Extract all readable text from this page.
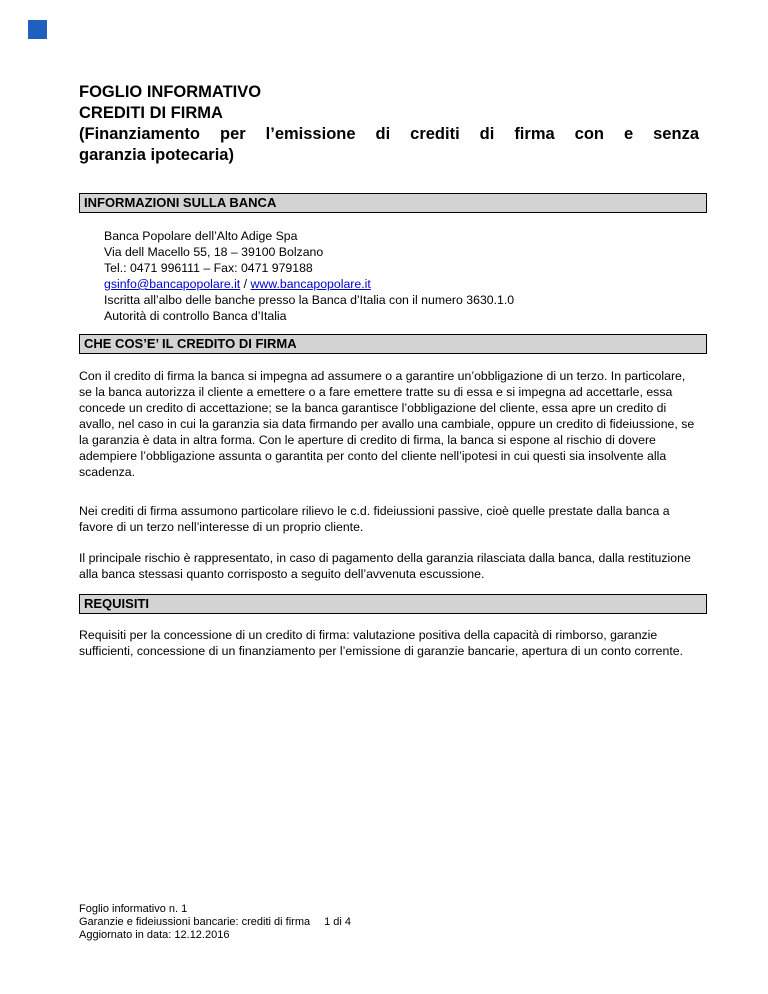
FOGLIO INFORMATIVO
CREDITI DI FIRMA
(Finanziamento per l’emissione di crediti di firma con e senza
garanzia ipotecaria)
INFORMAZIONI SULLA BANCA
Banca Popolare dell’Alto Adige Spa
Via dell Macello 55, 18 – 39100 Bolzano
Tel.: 0471 996111 – Fax: 0471 979188
gsinfo@bancapopolare.it / www.bancapopolare.it
Iscritta all’albo delle banche presso la Banca d’Italia con il numero 3630.1.0
Autorità di controllo Banca d’Italia
CHE COS’E’ IL CREDITO DI FIRMA

Con il credito di firma la banca si impegna ad assumere o a garantire un’obbligazione di un terzo. In particolare, se la banca autorizza il cliente a emettere o a fare emettere tratte su di essa e si impegna ad accettarle, essa concede un credito di accettazione; se la banca garantisce l’obbligazione del cliente, essa apre un credito di avallo, nel caso in cui la garanzia sia data firmando per avallo una cambiale, oppure un credito di fideiussione, se la garanzia è data in altra forma. Con le aperture di credito di firma, la banca si espone al rischio di dovere adempiere l’obbligazione assunta o garantita per conto del cliente nell’ipotesi in cui questi sia insolvente alla scadenza.

Nei crediti di firma assumono particolare rilievo le c.d. fideiussioni passive, cioè quelle prestate dalla banca a favore di un terzo nell’interesse di un proprio cliente.

Il principale rischio è rappresentato, in caso di pagamento della garanzia rilasciata dalla banca, dalla restituzione alla banca stessasi quanto corrisposto a seguito dell’avvenuta escussione.

REQUISITI

Requisiti per la concessione di un credito di firma: valutazione positiva della capacità di rimborso, garanzie sufficienti, concessione di un finanziamento per l’emissione di garanzie bancarie, apertura di un conto corrente.

Foglio informativo n. 1
Garanzie e fideiussioni bancarie: crediti di firma 1 di 4
Aggiornato in data: 12.12.2016
